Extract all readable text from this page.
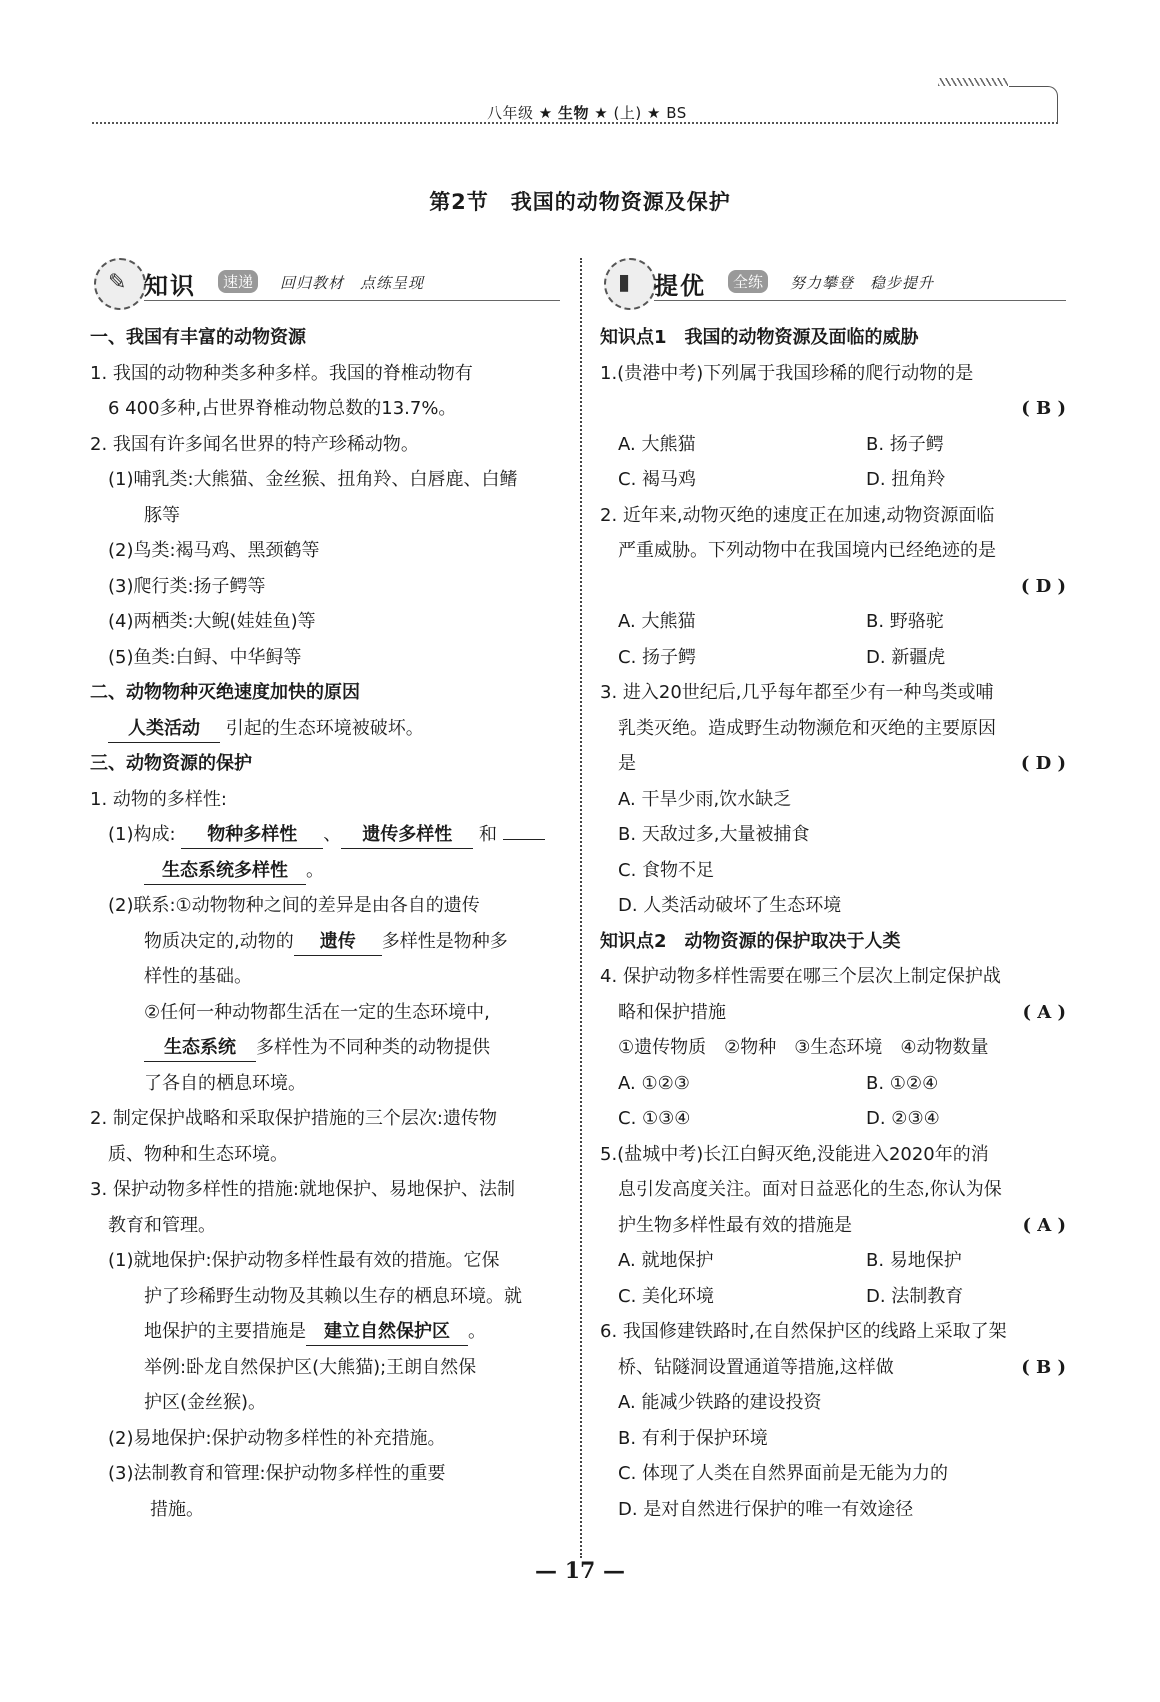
八年级 ★ 生物 ★ (上) ★ BS
第2节　我国的动物资源及保护
✎ 知识	速递	回归教材　点练呈现
一、我国有丰富的动物资源
1. 我国的动物种类多种多样。我国的脊椎动物有
6 400多种,占世界脊椎动物总数的13.7%。
2. 我国有许多闻名世界的特产珍稀动物。
(1)哺乳类:大熊猫、金丝猴、扭角羚、白唇鹿、白鳍
豚等
(2)鸟类:褐马鸡、黑颈鹤等
(3)爬行类:扬子鳄等
(4)两栖类:大鲵(娃娃鱼)等
(5)鱼类:白鲟、中华鲟等
二、动物物种灭绝速度加快的原因
人类活动 引起的生态环境被破坏。
三、动物资源的保护
1. 动物的多样性:
(1)构成: 物种多样性 、 遗传多样性 和
生态系统多样性 。
(2)联系:①动物物种之间的差异是由各自的遗传
物质决定的,动物的 遗传 多样性是物种多
样性的基础。
②任何一种动物都生活在一定的生态环境中,
生态系统 多样性为不同种类的动物提供
了各自的栖息环境。
2. 制定保护战略和采取保护措施的三个层次:遗传物
质、物种和生态环境。
3. 保护动物多样性的措施:就地保护、易地保护、法制
教育和管理。
(1)就地保护:保护动物多样性最有效的措施。它保
护了珍稀野生动物及其赖以生存的栖息环境。就
地保护的主要措施是 建立自然保护区 。
举例:卧龙自然保护区(大熊猫);王朗自然保
护区(金丝猴)。
(2)易地保护:保护动物多样性的补充措施。
(3)法制教育和管理:保护动物多样性的重要
措施。
▮ 提优	全练	努力攀登　稳步提升
知识点1　我国的动物资源及面临的威胁
1.(贵港中考)下列属于我国珍稀的爬行动物的是
( B )

A. 大熊猫	B. 扬子鳄
C. 褐马鸡	D. 扭角羚
2. 近年来,动物灭绝的速度正在加速,动物资源面临
严重威胁。下列动物中在我国境内已经绝迹的是
( D )

A. 大熊猫	B. 野骆驼
C. 扬子鳄	D. 新疆虎
3. 进入20世纪后,几乎每年都至少有一种鸟类或哺
乳类灭绝。造成野生动物濒危和灭绝的主要原因
是	( D )
A. 干旱少雨,饮水缺乏
B. 天敌过多,大量被捕食
C. 食物不足
D. 人类活动破坏了生态环境
知识点2　动物资源的保护取决于人类
4. 保护动物多样性需要在哪三个层次上制定保护战
略和保护措施	( A )
①遗传物质　②物种　③生态环境　④动物数量
A. ①②③	B. ①②④
C. ①③④	D. ②③④
5.(盐城中考)长江白鲟灭绝,没能进入2020年的消
息引发高度关注。面对日益恶化的生态,你认为保
护生物多样性最有效的措施是	( A )
A. 就地保护	B. 易地保护
C. 美化环境	D. 法制教育
6. 我国修建铁路时,在自然保护区的线路上采取了架
桥、钻隧洞设置通道等措施,这样做	( B )
A. 能减少铁路的建设投资
B. 有利于保护环境
C. 体现了人类在自然界面前是无能为力的
D. 是对自然进行保护的唯一有效途径
— 17 —
